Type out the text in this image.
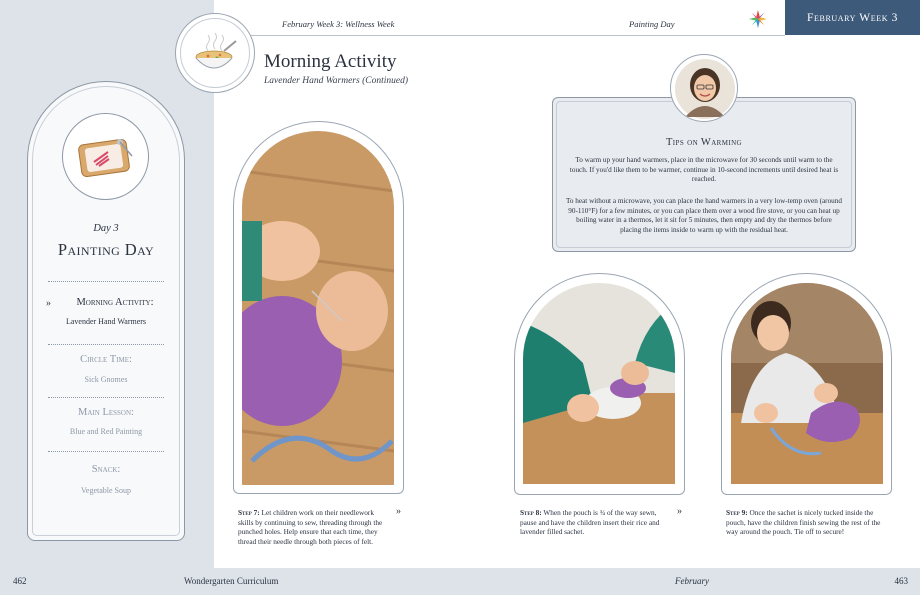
462	Wondergarten Curriculum	February	463
February Week 3: Wellness Week	Painting Day
February Week 3
Morning Activity
Lavender Hand Warmers (Continued)
Day 3
Painting Day
»	Morning Activity:
Lavender Hand Warmers
Circle Time:
Sick Gnomes
Main Lesson:
Blue and Red Painting
Snack:
Vegetable Soup
Tips on Warming
To warm up your hand warmers, place in the microwave for 30 seconds until warm to the touch. If you'd like them to be warmer, continue in 10-second increments until desired heat is reached.
To heat without a microwave, you can place the hand warmers in a very low-temp oven (around 90-110°F) for a few minutes, or you can place them over a wood fire stove, or you can heat up boiling water in a thermos, let it sit for 5 minutes, then empty and dry the thermos before placing the items inside to warm up with the residual heat.
»
»
Step 7: Let children work on their needlework skills by continuing to sew, threading through the punched holes. Help ensure that each time, they thread their needle through both pieces of felt.
Step 8: When the pouch is ¾ of the way sewn, pause and have the children insert their rice and lavender filled sachet.
Step 9: Once the sachet is nicely tucked inside the pouch, have the children finish sewing the rest of the way around the pouch. Tie off to secure!
